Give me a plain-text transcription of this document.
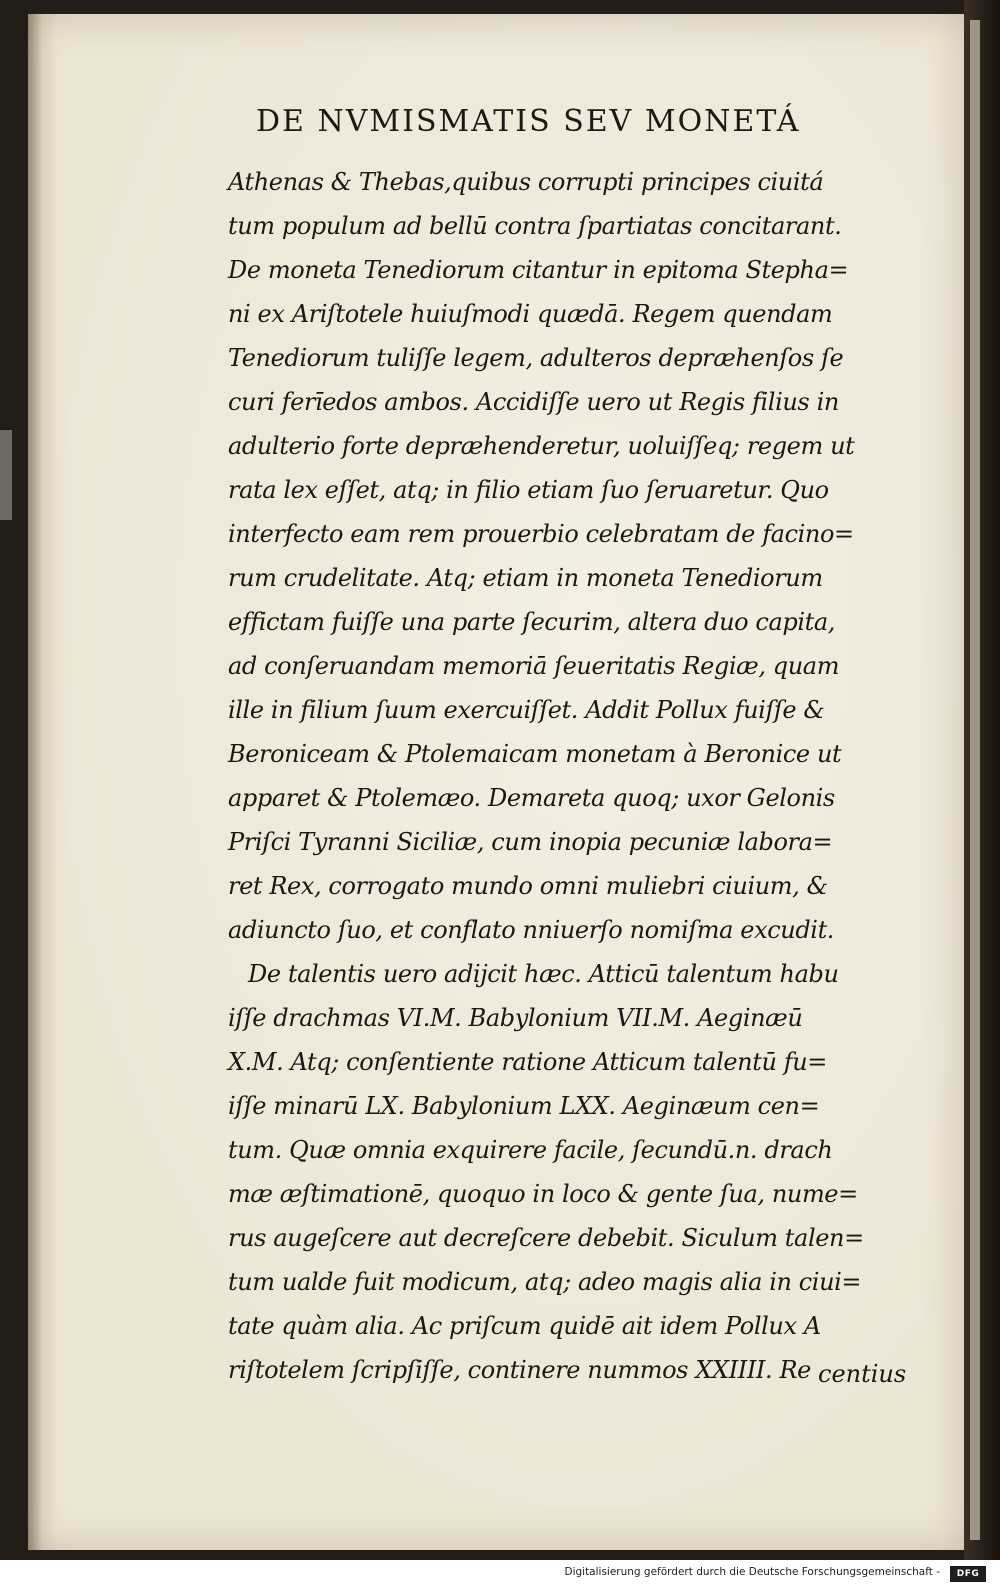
DE NVMISMATIS SEV MONETÁ
Athenas & Thebas,quibus corrupti principes ciuitá
tum populum ad bellū contra ſpartiatas concitarant.
De moneta Tenediorum citantur in epitoma Stepha=
ni ex Ariſtotele huiuſmodi quædā. Regem quendam
Tenediorum tuliſſe legem, adulteros deprӕhenſos ſe
curi ferīedos ambos. Accidiſſe uero ut Regis filius in
adulterio forte deprӕhenderetur, uoluiſſeq; regem ut
rata lex eſſet, atq; in filio etiam ſuo ſeruaretur. Quo
interfecto eam rem prouerbio celebratam de facino=
rum crudelitate. Atq; etiam in moneta Tenediorum
effictam fuiſſe una parte ſecurim, altera duo capita,
ad conſeruandam memoriā ſeueritatis Regiӕ, quam
ille in filium ſuum exercuiſſet. Addit Pollux fuiſſe &
Beroniceam & Ptolemaicam monetam à Beronice ut
apparet & Ptolemӕo. Demareta quoq; uxor Gelonis
Priſci Tyranni Siciliӕ, cum inopia pecuniӕ labora=
ret Rex, corrogato mundo omni muliebri ciuium, &
adiuncto ſuo, et conflato nniuerſo nomiſma excudit.
De talentis uero adijcit hӕc. Atticū talentum habu
iſſe drachmas VI.M. Babylonium VII.M. Aeginӕū
X.M. Atq; conſentiente ratione Atticum talentū fu=
iſſe minarū LX. Babylonium LXX. Aeginӕum cen=
tum. Quӕ omnia exquirere facile, ſecundū.n. drach
mӕ ӕſtimationē, quoquo in loco & gente ſua, nume=
rus augeſcere aut decreſcere debebit. Siculum talen=
tum ualde fuit modicum, atq; adeo magis alia in ciui=
tate quàm alia. Ac priſcum quidē ait idem Pollux A
riſtotelem ſcripſiſſe, continere nummos XXIIII. Re centius
Digitalisierung gefördert durch die Deutsche Forschungsgemeinschaft -	DFG
